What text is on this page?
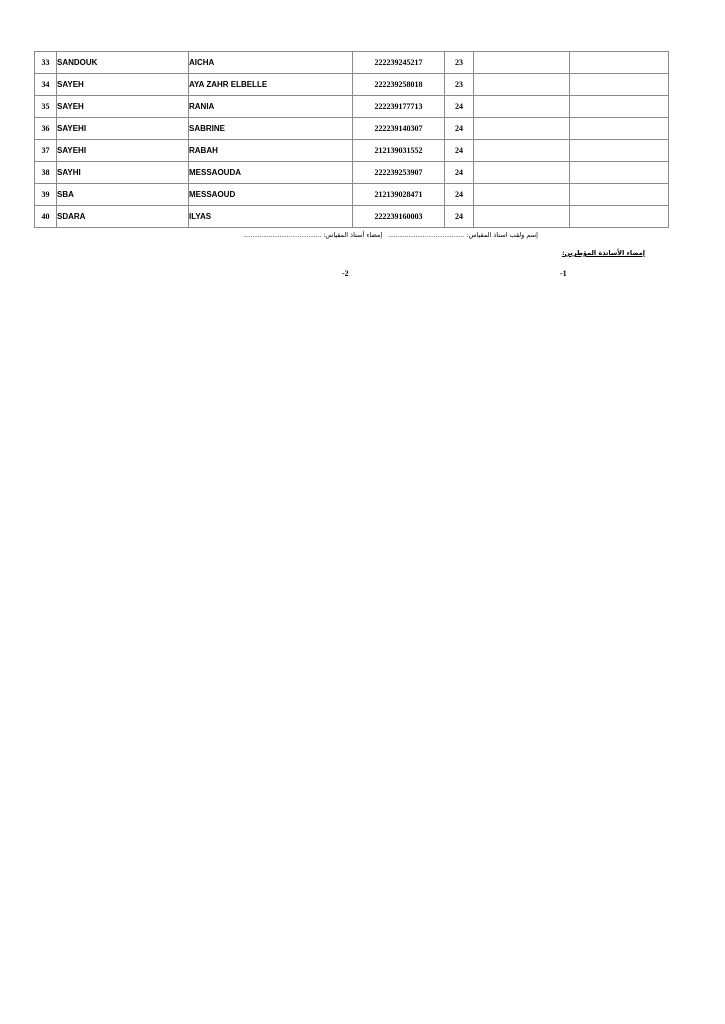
33	SANDOUK	AICHA	222239245217	23		
34	SAYEH	AYA ZAHR ELBELLE	222239258018	23		
35	SAYEH	RANIA	222239177713	24		
36	SAYEHI	SABRINE	222239140307	24		
37	SAYEHI	RABAH	212139031552	24		
38	SAYHI	MESSAOUDA	222239253907	24		
39	SBA	MESSAOUD	212139028471	24		
40	SDARA	ILYAS	222239160003	24		
إسم ولقب استاذ المقياس: ..........................................   إمضاء أستاذ المقياس: ...........................................
إمضاء الأساتذة المؤطرين:
-1
-2
